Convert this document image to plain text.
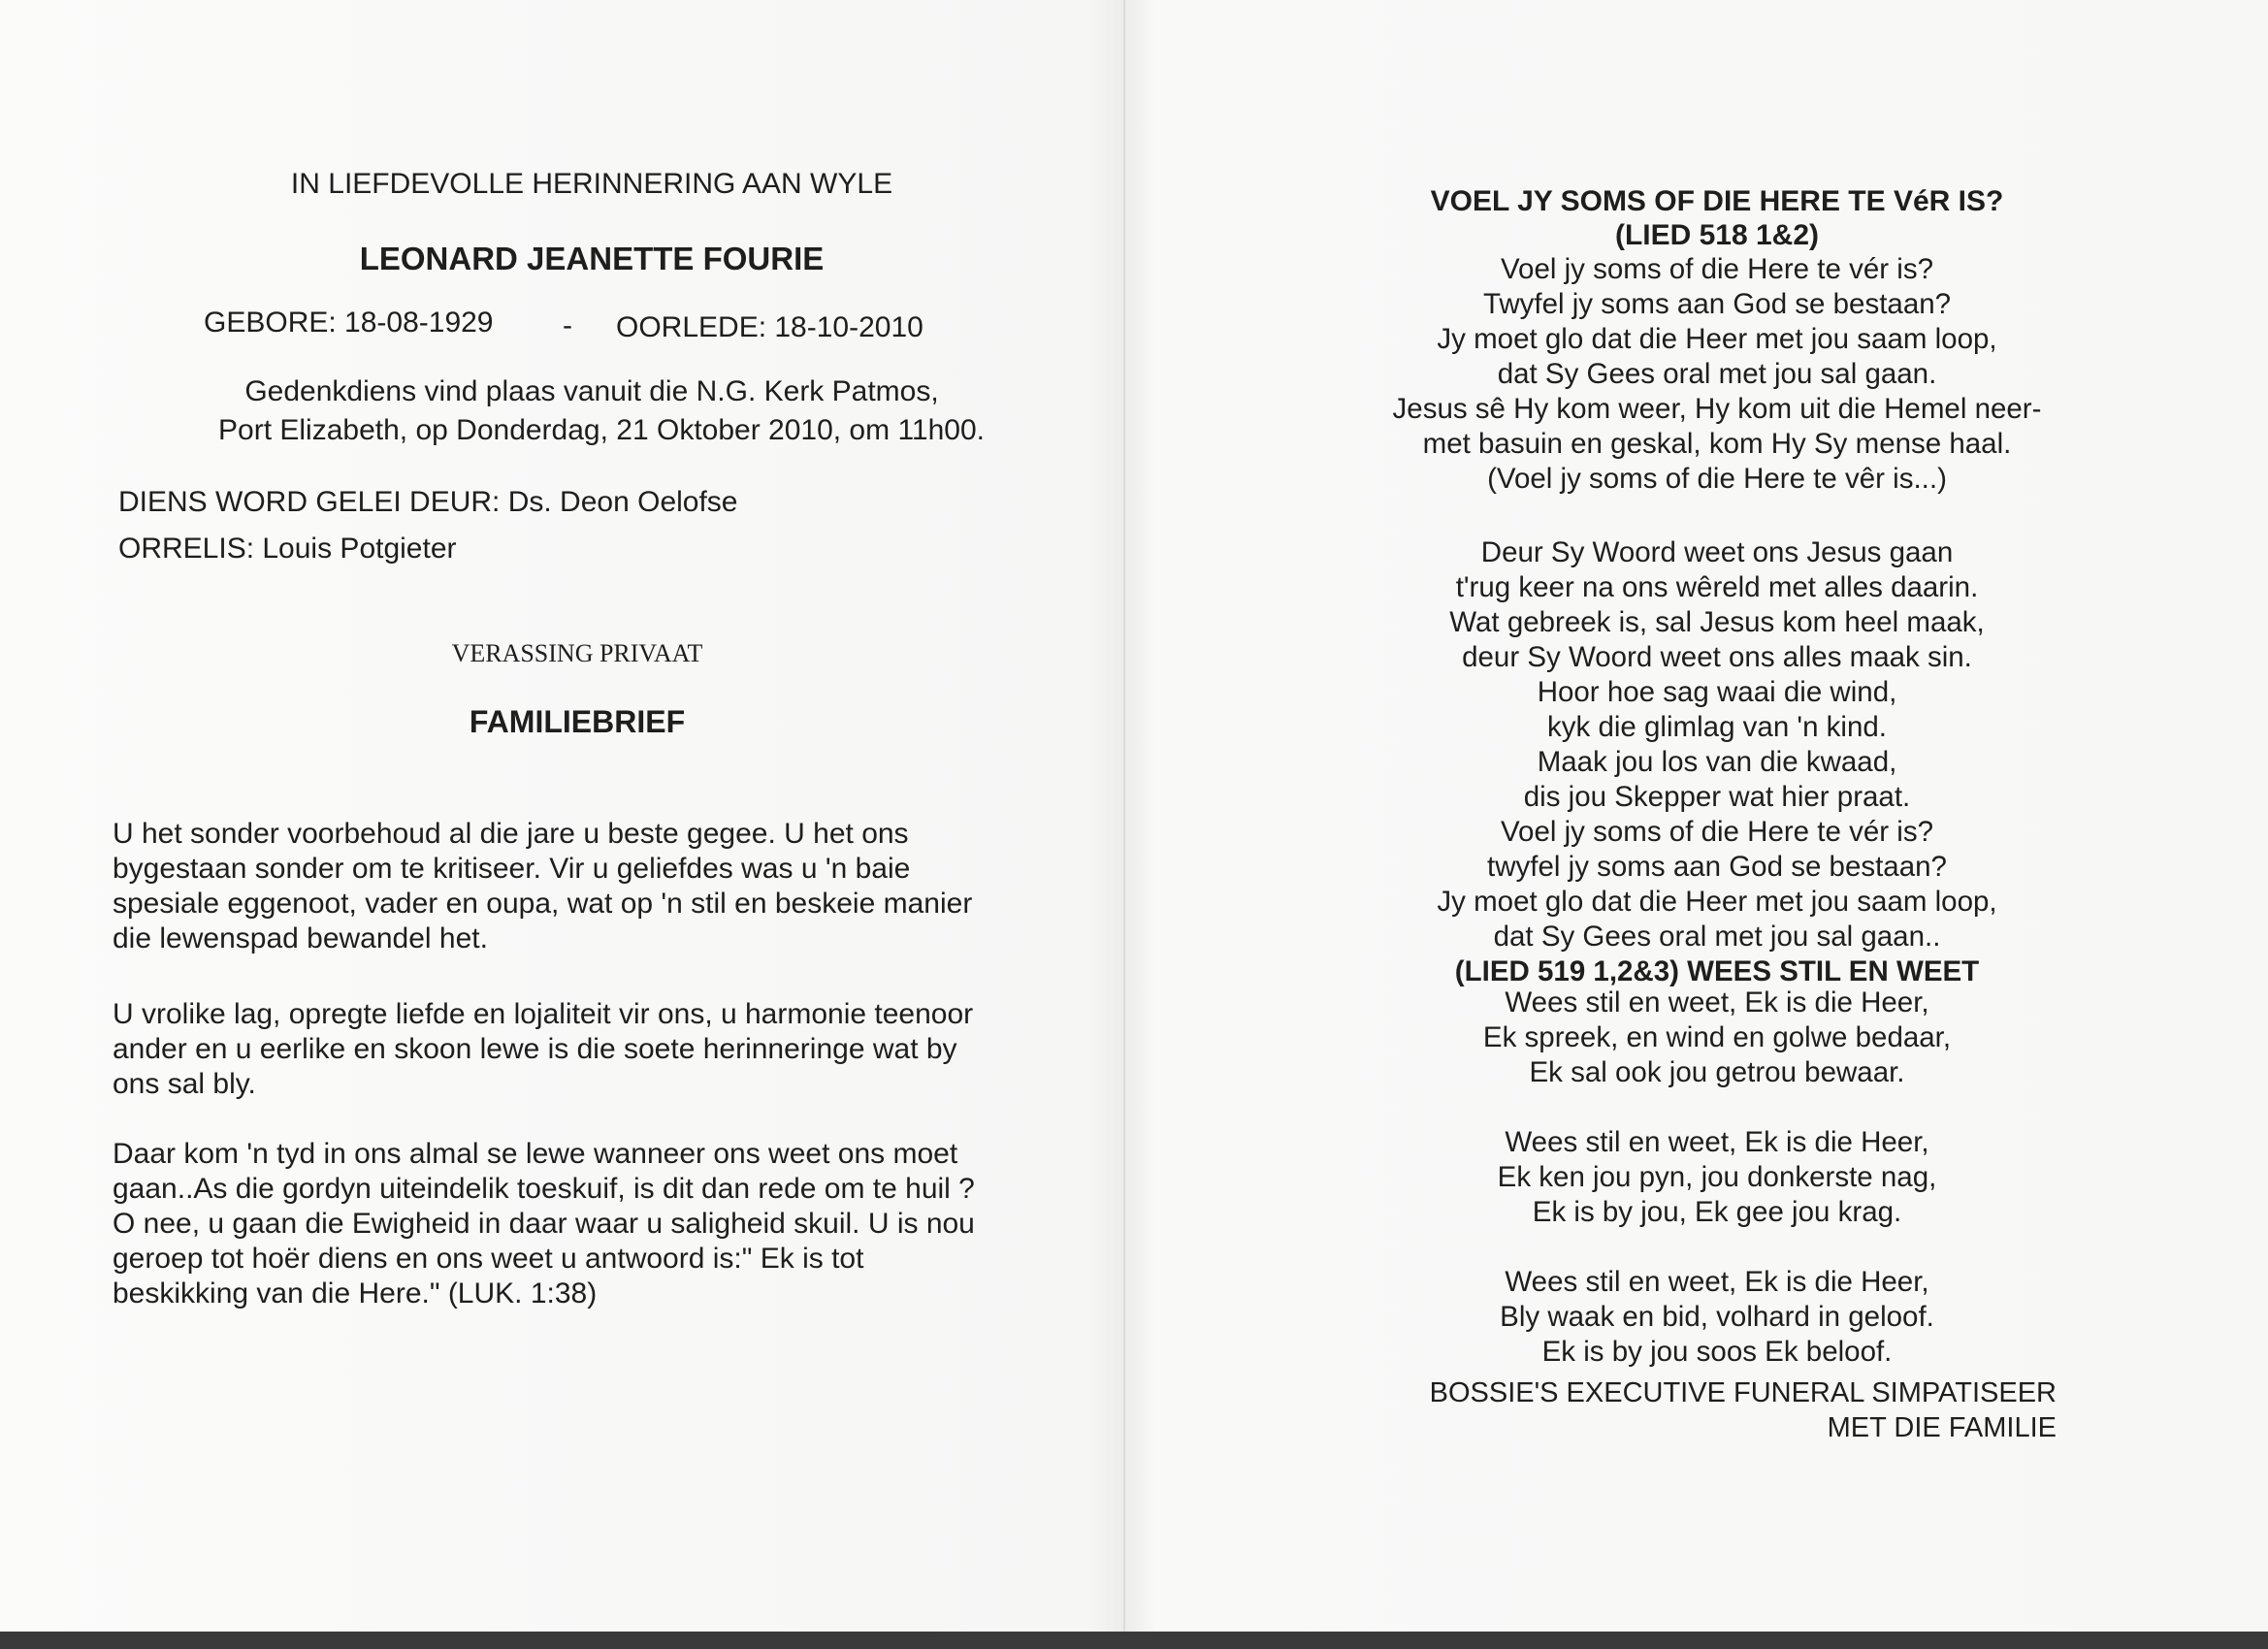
IN LIEFDEVOLLE HERINNERING AAN WYLE
LEONARD JEANETTE FOURIE
GEBORE: 18-08-1929 - OORLEDE: 18-10-2010
Gedenkdiens vind plaas vanuit die N.G. Kerk Patmos,
Port Elizabeth, op Donderdag, 21 Oktober 2010, om 11h00.
DIENS WORD GELEI DEUR: Ds. Deon Oelofse
ORRELIS: Louis Potgieter
VERASSING PRIVAAT
FAMILIEBRIEF
U het sonder voorbehoud al die jare u beste gegee. U het ons
bygestaan sonder om te kritiseer. Vir u geliefdes was u 'n baie
spesiale eggenoot, vader en oupa, wat op 'n stil en beskeie manier
die lewenspad bewandel het.
U vrolike lag, opregte liefde en lojaliteit vir ons, u harmonie teenoor
ander en u eerlike en skoon lewe is die soete herinneringe wat by
ons sal bly.
Daar kom 'n tyd in ons almal se lewe wanneer ons weet ons moet
gaan..As die gordyn uiteindelik toeskuif, is dit dan rede om te huil ?
O nee, u gaan die Ewigheid in daar waar u saligheid skuil. U is nou
geroep tot hoër diens en ons weet u antwoord is:" Ek is tot
beskikking van die Here." (LUK. 1:38)
VOEL JY SOMS OF DIE HERE TE VéR IS?
(LIED 518 1&2)
Voel jy soms of die Here te vér is?
Twyfel jy soms aan God se bestaan?
Jy moet glo dat die Heer met jou saam loop,
dat Sy Gees oral met jou sal gaan.
Jesus sê Hy kom weer, Hy kom uit die Hemel neer-
met basuin en geskal, kom Hy Sy mense haal.
(Voel jy soms of die Here te vêr is...)
Deur Sy Woord weet ons Jesus gaan
t'rug keer na ons wêreld met alles daarin.
Wat gebreek is, sal Jesus kom heel maak,
deur Sy Woord weet ons alles maak sin.
Hoor hoe sag waai die wind,
kyk die glimlag van 'n kind.
Maak jou los van die kwaad,
dis jou Skepper wat hier praat.
Voel jy soms of die Here te vér is?
twyfel jy soms aan God se bestaan?
Jy moet glo dat die Heer met jou saam loop,
dat Sy Gees oral met jou sal gaan..
(LIED 519 1,2&3) WEES STIL EN WEET
Wees stil en weet, Ek is die Heer,
Ek spreek, en wind en golwe bedaar,
Ek sal ook jou getrou bewaar.
Wees stil en weet, Ek is die Heer,
Ek ken jou pyn, jou donkerste nag,
Ek is by jou, Ek gee jou krag.
Wees stil en weet, Ek is die Heer,
Bly waak en bid, volhard in geloof.
Ek is by jou soos Ek beloof.
BOSSIE'S EXECUTIVE FUNERAL SIMPATISEER
MET DIE FAMILIE
